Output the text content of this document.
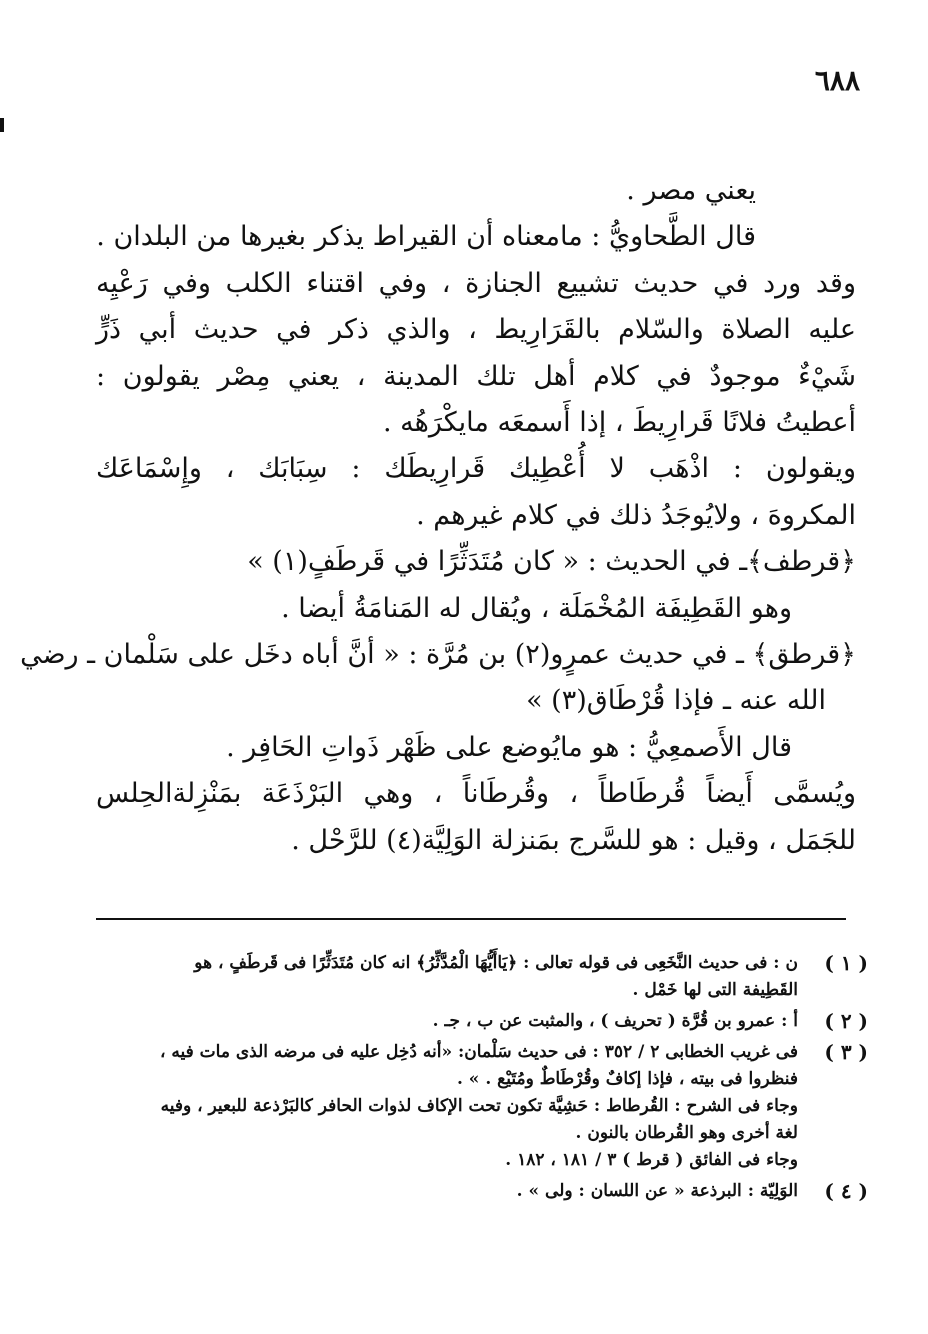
٦٨٨
يعني مصر .
قال الطَّحاويُّ : مامعناه أن القيراط يذكر بغيرها من البلدان .
وقد ورد في حديث تشييع الجنازة ، وفي اقتناء الكلب وفي رَعْيِه
عليه الصلاة والسّلام بالقَرَارِيط ، والذي ذكر في حديث أبي ذَرٍّ
شَيْءٌ موجودٌ في كلام أهل تلك المدينة ، يعني مِصْر يقولون :
أعطيتُ فلانًا قَرارِيطَ ، إذا أَسمعَه مايكْرَهُه .
ويقولون : اذْهَب لا أُعْطِيك قَرارِيطَك : سِبَابَك ، وإِسْمَاعَك
المكروهَ ، ولايُوجَدُ ذلك في كلام غيرهم .
﴿قرطف﴾ـ في الحديث : « كان مُتَدَثِّرًا في قَرطَفٍ(١) »
وهو القَطِيفَة المُخْمَلَة ، ويُقال له المَنامَةُ أيضا .
﴿قرطق﴾ ـ في حديث عمرٍو(٢) بن مُرَّة : « أنَّ أباه دخَل على سَلْمان ـ رضي
الله عنه ـ فإذا قُرْطَاق(٣) »
قال الأَصمعِيُّ : هو مايُوضع على ظَهْر ذَواتِ الحَافِر .
ويُسمَّى أَيضاً قُرطَاطاً ، وقُرطَاناً ، وهي البَرْذَعَة بمَنْزِلةالحِلس
للجَمَل ، وقيل : هو للسَّرج بمَنزلة الوَلِيَّة(٤) للرَّحْل .
( ١ )
ن : فى حديث النَّخَعِى فى قوله تعالى : ﴿يَاأَيُّهَا الْمُدَّثِّرُ﴾ انه كان مُتَدَثِّرًا فى قَرطَفٍ ، هو
القَطِيفة التى لها خَمْل .
( ٢ )
أ : عمرو بن قُرَّة ( تحريف ) ، والمثبت عن ب ، جـ .
( ٣ )
فى غريب الخطابى ٢ / ٣٥٢ : فى حديث سَلْمان: «أنه دُخِل عليه فى مرضه الذى مات فيه ،
فنظروا فى بيته ، فإذا إكافٌ وقُرْطَاطٌ ومُتَيْع . » .
وجاء فى الشرح : القُرطاط : حَشِيَّة تكون تحت الإكاف لذوات الحافر كالبَرْذعة للبعير ، وفيه
لغة أخرى وهو القُرطان بالنون .
وجاء فى الفائق ( قرط ) ٣ / ١٨١ ، ١٨٢ .
( ٤ )
الوَلِيّة : البرذعة « عن اللسان : ولى » .
